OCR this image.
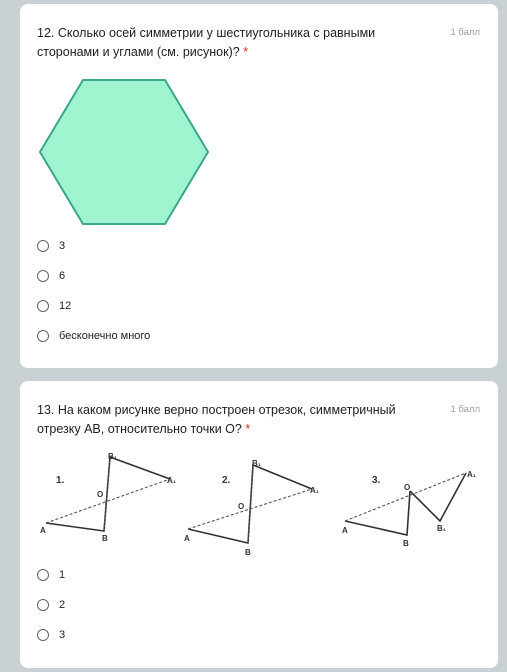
12. Сколько осей симметрии у шестиугольника с равными сторонами и углами (см. рисунок)? *
1 балл
3
6
12
бесконечно много
13. На каком рисунке верно построен отрезок, симметричный отрезку АВ, относительно точки О? *
1 балл
1.
B₁
A₁
O
A
B
2.
B₁
A₁
O
A
B
3.
O
A₁
A
B
B₁
1
2
3
